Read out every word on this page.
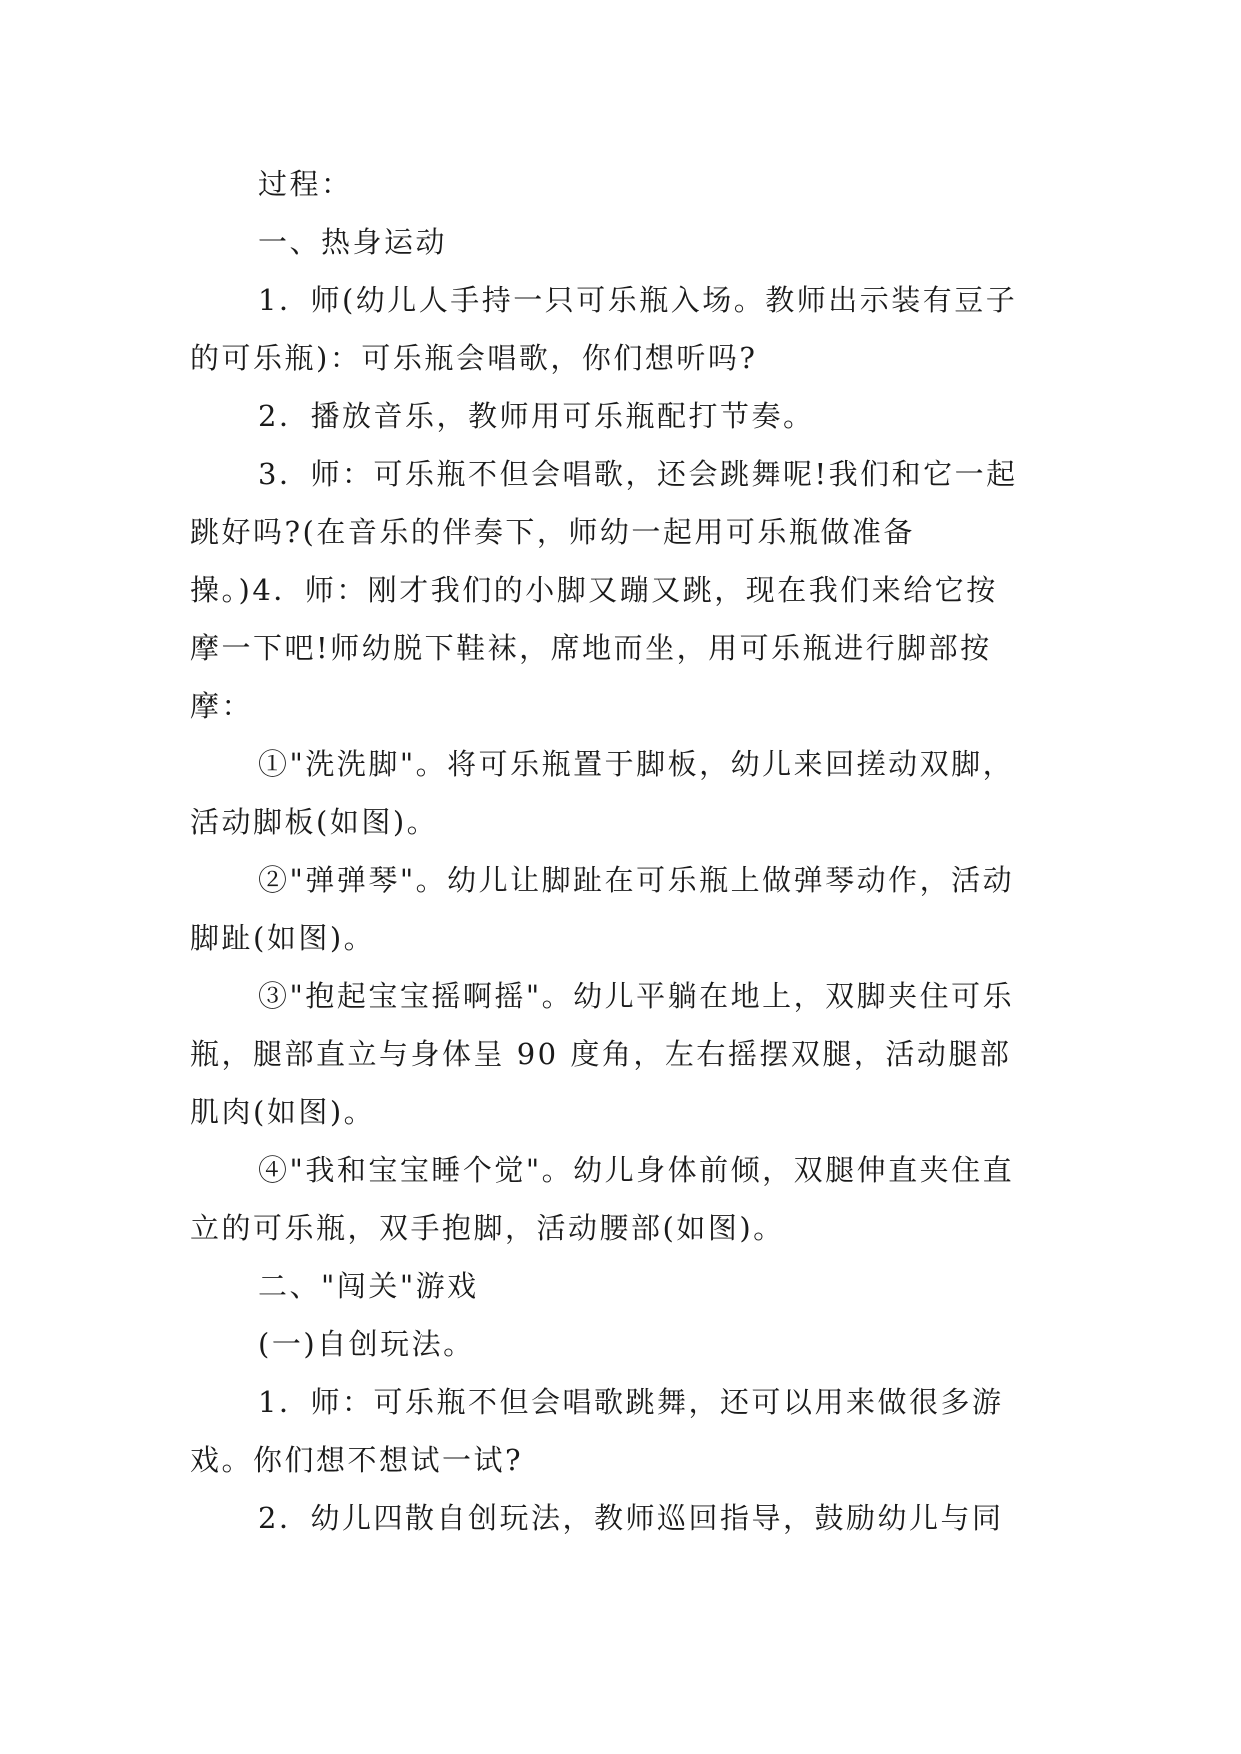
过程：
一、热身运动
1．师(幼儿人手持一只可乐瓶入场。教师出示装有豆子
的可乐瓶)：可乐瓶会唱歌，你们想听吗?
2．播放音乐，教师用可乐瓶配打节奏。
3．师：可乐瓶不但会唱歌，还会跳舞呢!我们和它一起
跳好吗?(在音乐的伴奏下，师幼一起用可乐瓶做准备
操。)4．师：刚才我们的小脚又蹦又跳，现在我们来给它按
摩一下吧!师幼脱下鞋袜，席地而坐，用可乐瓶进行脚部按
摩：
①"洗洗脚"。将可乐瓶置于脚板，幼儿来回搓动双脚，
活动脚板(如图)。
②"弹弹琴"。幼儿让脚趾在可乐瓶上做弹琴动作，活动
脚趾(如图)。
③"抱起宝宝摇啊摇"。幼儿平躺在地上，双脚夹住可乐
瓶，腿部直立与身体呈 90 度角，左右摇摆双腿，活动腿部
肌肉(如图)。
④"我和宝宝睡个觉"。幼儿身体前倾，双腿伸直夹住直
立的可乐瓶，双手抱脚，活动腰部(如图)。
二、"闯关"游戏
(一)自创玩法。
1．师：可乐瓶不但会唱歌跳舞，还可以用来做很多游
戏。你们想不想试一试?
2．幼儿四散自创玩法，教师巡回指导，鼓励幼儿与同
